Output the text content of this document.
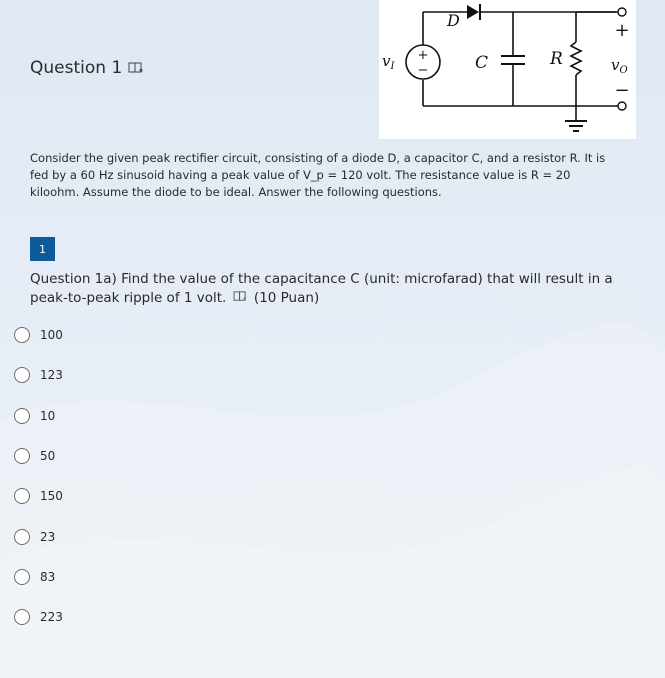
Question 1
+
−
D
C	R
$v_I$
+
−
$v_O$

Consider the given peak rectifier circuit, consisting of a diode D, a capacitor C, and a resistor R. It is fed by a 60 Hz sinusoid having a peak value of V_p = 120 volt. The resistance value is R = 20 kiloohm. Assume the diode to be ideal. Answer the following questions.

1

Question 1a) Find the value of the capacitance C (unit: microfarad) that will result in a peak-to-peak ripple of 1 volt. (10 Puan)

100
123
10
50
150
23
83
223
